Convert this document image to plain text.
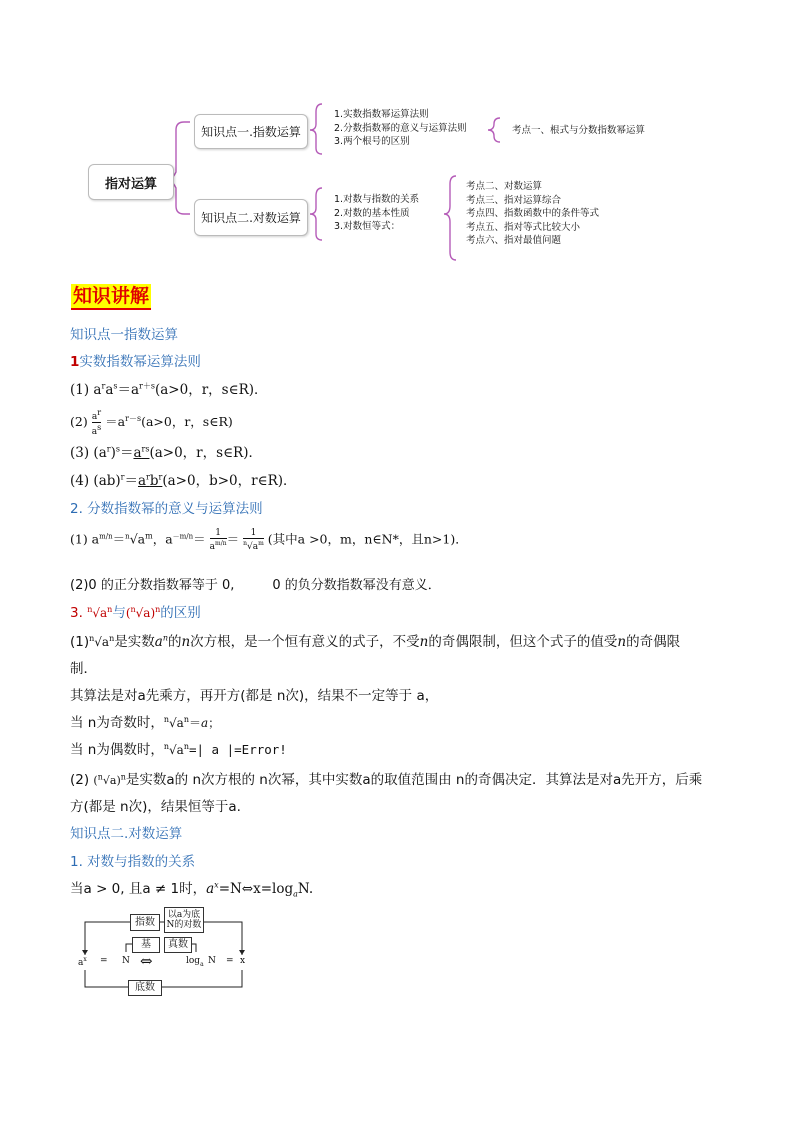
指对运算
知识点一.指数运算
知识点二.对数运算
1.实数指数幂运算法则
2.分数指数幂的意义与运算法则
3.两个根号的区别
考点一、根式与分数指数幂运算
1.对数与指数的关系
2.对数的基本性质
3.对数恒等式：
考点二、对数运算
考点三、指对运算综合
考点四、指数函数中的条件等式
考点五、指对等式比较大小
考点六、指对最值问题
知识讲解
知识点一指数运算
1实数指数幂运算法则
(1) $a^ra^s=a^{r+s}(a>0$，r，s∈R)．
$(2) \frac{a^r}{a^s} =a^{r-s}(a>0$，r，s∈R)
(3) $(a^r)^s=a^{rs}(a>0$，r，s∈R)．
(4) $(ab)^r=a^rb^r(a>0$，b>0，r∈R)．
2. 分数指数幂的意义与运算法则
(1) $a^{m/n}=^n√a^m$，$a^{-m/n}= \frac{1}{a^{m/n}} = \frac{1}{^n√a^m}$ (其中a >0，m，n∈N*，且n>1)．
(2)0 的正分数指数幂等于 0,	0 的负分数指数幂没有意义．
3. $^n√a^n$与$(^n√a)^n$的区别
$(1)^n√a^n$是实数$a^n$的n次方根，是一个恒有意义的式子，不受n的奇偶限制，但这个式子的值受n的奇偶限
制．
其算法是对a先乘方，再开方(都是 n次)，结果不一定等于 a，
当 n为奇数时，$^n√a^n=a$；
当 n为偶数时，$^n√a^n=|$ a |=Error!
(2) $(^n√a)^n$是实数a的 n次方根的 n次幂，其中实数a的取值范围由 n的奇偶决定．其算法是对a先开方，后乘
方(都是 n次)，结果恒等于a.
知识点二.对数运算
1. 对数与指数的关系
当a > 0, 且a ≠ 1时，$a^x=N\Leftrightarrow x=\log_aN$.
指数
以a为底
N的对数
基	真数
底数
$a^x = N$ ⇔	$\log_a N = x$
